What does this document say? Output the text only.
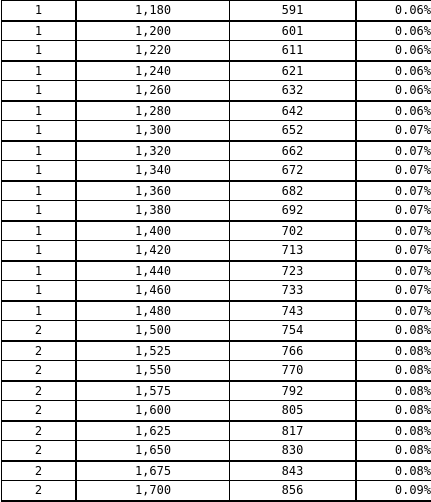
1	1,180	591	0.06%
1	1,200	601	0.06%
1	1,220	611	0.06%
1	1,240	621	0.06%
1	1,260	632	0.06%
1	1,280	642	0.06%
1	1,300	652	0.07%
1	1,320	662	0.07%
1	1,340	672	0.07%
1	1,360	682	0.07%
1	1,380	692	0.07%
1	1,400	702	0.07%
1	1,420	713	0.07%
1	1,440	723	0.07%
1	1,460	733	0.07%
1	1,480	743	0.07%
2	1,500	754	0.08%
2	1,525	766	0.08%
2	1,550	770	0.08%
2	1,575	792	0.08%
2	1,600	805	0.08%
2	1,625	817	0.08%
2	1,650	830	0.08%
2	1,675	843	0.08%
2	1,700	856	0.09%
